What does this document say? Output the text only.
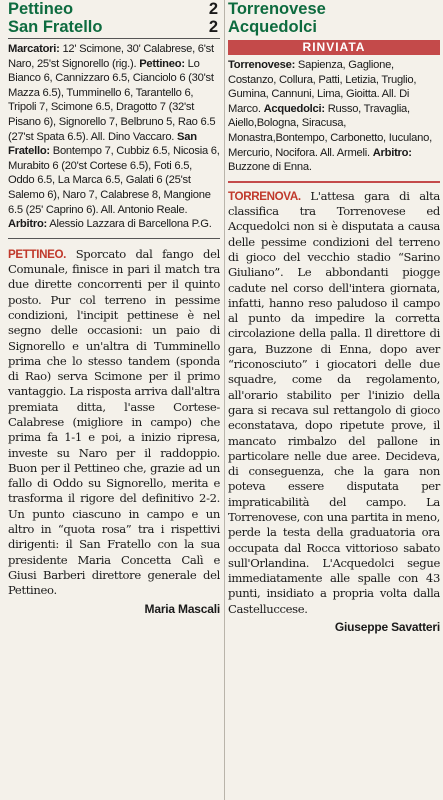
Pettineo	2
San Fratello	2
Marcatori: 12' Scimone, 30' Calabrese, 6'st Naro, 25'st Signorello (rig.). Pettineo: Lo Bianco 6, Cannizzaro 6.5, Cianciolo 6 (30'st Mazza 6.5), Tumminello 6, Tarantello 6, Tripoli 7, Scimone 6.5, Dragotto 7 (32'st Pisano 6), Signorello 7, Belbruno 5, Rao 6.5 (27'st Spata 6.5). All. Dino Vaccaro. San Fratello: Bontempo 7, Cubbiz 6.5, Nicosia 6, Murabito 6 (20'st Cortese 6.5), Foti 6.5, Oddo 6.5, La Marca 6.5, Galati 6 (25'st Salemo 6), Naro 7, Calabrese 8, Mangione 6.5 (25' Caprino 6). All. Antonio Reale. Arbitro: Alessio Lazzara di Barcellona P.G.
PETTINEO. Sporcato dal fango del Comunale, finisce in pari il match tra due dirette concorrenti per il quinto posto. Pur col terreno in pessime condizioni, l'incipit pettinese è nel segno delle occasioni: un paio di Signorello e un'altra di Tumminello prima che lo stesso tandem (sponda di Rao) serva Scimone per il primo vantaggio. La risposta arriva dall'altra premiata ditta, l'asse Cortese-Calabrese (migliore in campo) che prima fa 1-1 e poi, a inizio ripresa, investe su Naro per il raddoppio. Buon per il Pettineo che, grazie ad un fallo di Oddo su Signorello, merita e trasforma il rigore del definitivo 2-2. Un punto ciascuno in campo e un altro in “quota rosa” tra i rispettivi dirigenti: il San Fratello con la sua presidente Maria Concetta Calì e Giusi Barberi direttore generale del Pettineo.
Maria Mascali
Torrenovese
Acquedolci
RINVIATA
Torrenovese: Sapienza, Gaglione, Costanzo, Collura, Patti, Letizia, Truglio, Gumina, Cannuni, Lima, Gioitta. All. Di Marco. Acquedolci: Russo, Travaglia, Aiello,Bologna, Siracusa, Monastra,Bontempo, Carbonetto, Iuculano, Mercurio, Nocifora. All. Armeli. Arbitro: Buzzone di Enna.
TORRENOVA. L'attesa gara di alta classifica tra Torrenovese ed Acquedolci non si è disputata a causa delle pessime condizioni del terreno di gioco del vecchio stadio “Sarino Giuliano”. Le abbondanti piogge cadute nel corso dell'intera giornata, infatti, hanno reso paludoso il campo al punto da impedire la corretta circolazione della palla. Il direttore di gara, Buzzone di Enna, dopo aver “riconosciuto” i giocatori delle due squadre, come da regolamento, all'orario stabilito per l'inizio della gara si recava sul rettangolo di gioco econstatava, dopo ripetute prove, il mancato rimbalzo del pallone in particolare nelle due aree. Decideva, di conseguenza, che la gara non poteva essere disputata per impraticabilità del campo. La Torrenovese, con una partita in meno, perde la testa della graduatoria ora occupata dal Rocca vittorioso sabato sull'Orlandina. L'Acquedolci segue immediatamente alle spalle con 43 punti, insidiato a propria volta dalla Castelluccese.
Giuseppe Savatteri
